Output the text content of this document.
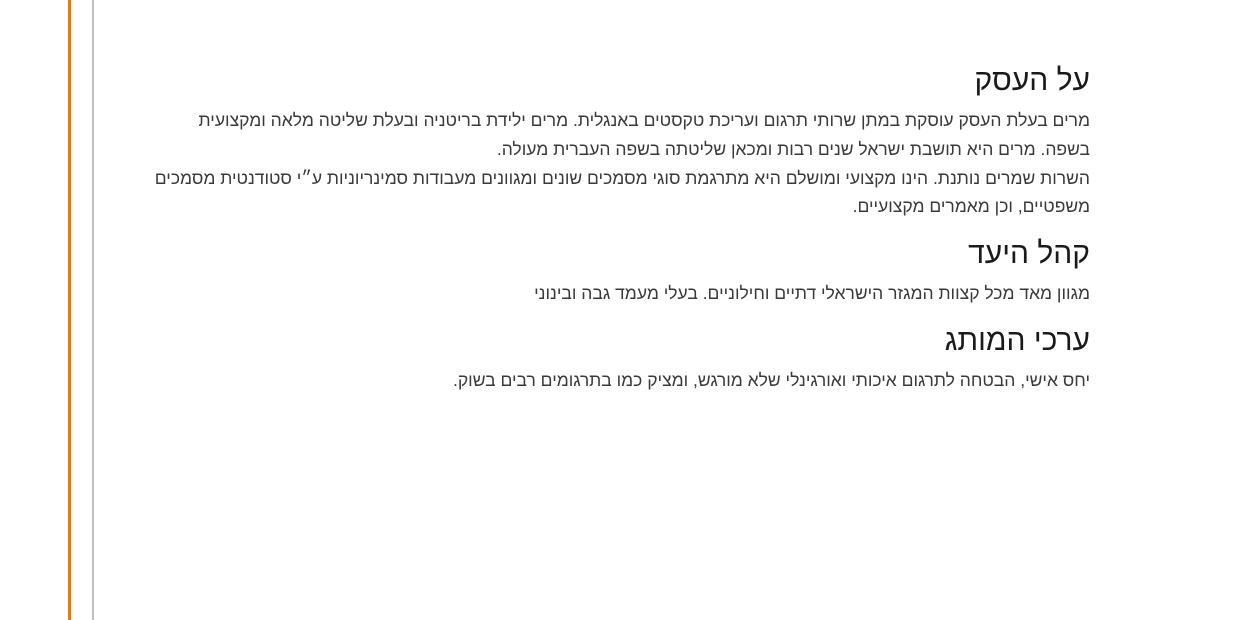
על העסק

מרים בעלת העסק עוסקת במתן שרותי תרגום ועריכת טקסטים באנגלית. מרים ילידת בריטניה ובעלת שליטה מלאה ומקצועית בשפה. מרים היא תושבת ישראל שנים רבות ומכאן שליטתה בשפה העברית מעולה.

השרות שמרים נותנת. הינו מקצועי ומושלם היא מתרגמת סוגי מסמכים שונים ומגוונים מעבודות סמינריוניות ע״י סטודנטית מסמכים משפטיים, וכן מאמרים מקצועיים.

קהל היעד

מגוון מאד מכל קצוות המגזר הישראלי דתיים וחילוניים. בעלי מעמד גבה ובינוני

ערכי המותג

יחס אישי, הבטחה לתרגום איכותי ואורגינלי שלא מורגש, ומציק כמו בתרגומים רבים בשוק.
